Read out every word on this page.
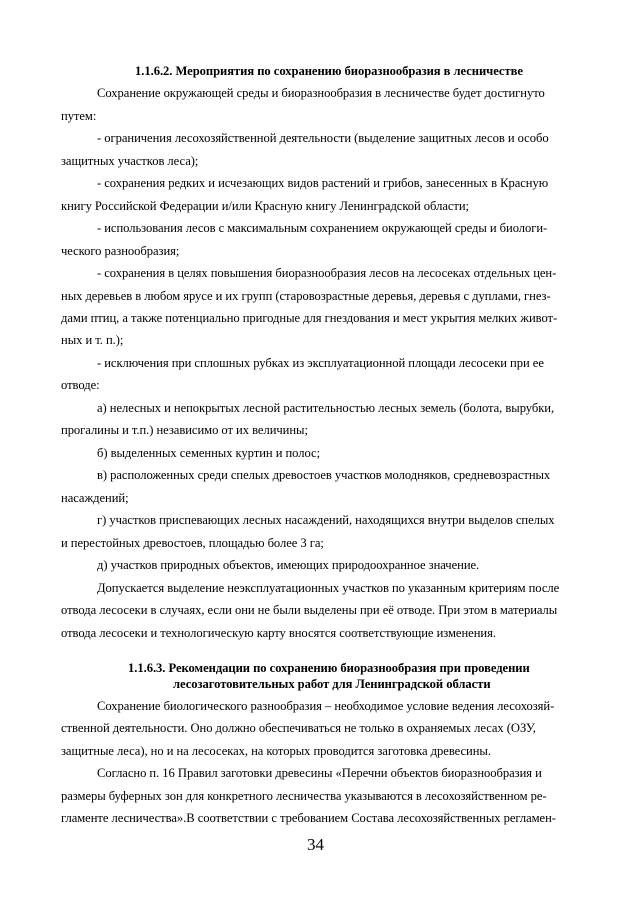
1.1.6.2. Мероприятия по сохранению биоразнообразия в лесничестве
Сохранение окружающей среды и биоразнообразия в лесничестве будет достигнуто
путем:
- ограничения лесохозяйственной деятельности (выделение защитных лесов и особо
защитных участков леса);
- сохранения редких и исчезающих видов растений и грибов, занесенных в Красную
книгу Российской Федерации и/или Красную книгу Ленинградской области;
- использования лесов с максимальным сохранением окружающей среды и биологи-
ческого разнообразия;
- сохранения в целях повышения биоразнообразия лесов на лесосеках отдельных цен-
ных деревьев в любом ярусе и их групп (старовозрастные деревья, деревья с дуплами, гнез-
дами птиц, а также потенциально пригодные для гнездования и мест укрытия мелких живот-
ных и т. п.);
- исключения при сплошных рубках из эксплуатационной площади лесосеки при ее
отводе:
а) нелесных и непокрытых лесной растительностью лесных земель (болота, вырубки,
прогалины и т.п.) независимо от их величины;
б) выделенных семенных куртин и полос;
в) расположенных среди спелых древостоев участков молодняков, средневозрастных
насаждений;
г) участков приспевающих лесных насаждений, находящихся внутри выделов спелых
и перестойных древостоев, площадью более 3 га;
д) участков природных объектов, имеющих природоохранное значение.
Допускается выделение неэксплуатационных участков по указанным критериям после
отвода лесосеки в случаях, если они не были выделены при её отводе. При этом в материалы
отвода лесосеки и технологическую карту вносятся соответствующие изменения.
1.1.6.3. Рекомендации по сохранению биоразнообразия при проведении
лесозаготовительных работ для Ленинградской области
Сохранение биологического разнообразия – необходимое условие ведения лесохозяй-
ственной деятельности. Оно должно обеспечиваться не только в охраняемых лесах (ОЗУ,
защитные леса), но и на лесосеках, на которых проводится заготовка древесины.
Согласно п. 16 Правил заготовки древесины «Перечни объектов биоразнообразия и
размеры буферных зон для конкретного лесничества указываются в лесохозяйственном ре-
гламенте лесничества».В соответствии с требованием Состава лесохозяйственных регламен-
34
